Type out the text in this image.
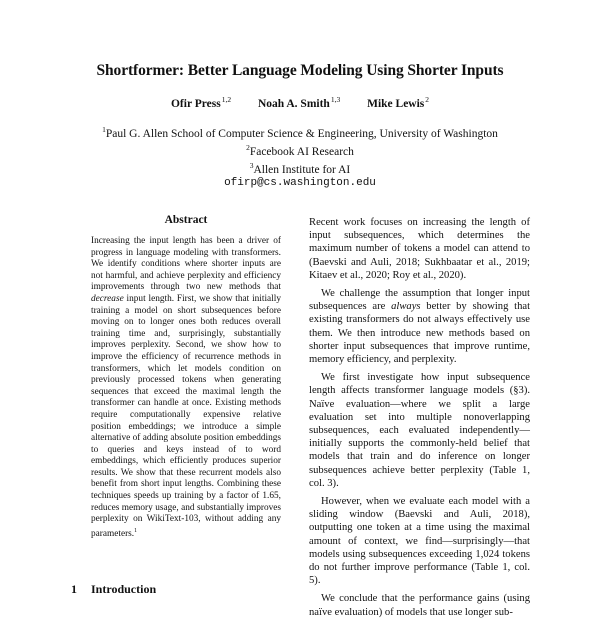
Shortformer: Better Language Modeling Using Shorter Inputs
Ofir Press$^{1,2}$ Noah A. Smith$^{1,3}$ Mike Lewis$^2$
$^1$Paul G. Allen School of Computer Science & Engineering, University of Washington
$^2$Facebook AI Research
$^3$Allen Institute for AI
ofirp@cs.washington.edu
Abstract
Increasing the input length has been a driver of progress in language modeling with transformers. We identify conditions where shorter inputs are not harmful, and achieve perplexity and efficiency improvements through two new methods that decrease input length. First, we show that initially training a model on short subsequences before moving on to longer ones both reduces overall training time and, surprisingly, substantially improves perplexity. Second, we show how to improve the efficiency of recurrence methods in transformers, which let models condition on previously processed tokens when generating sequences that exceed the maximal length the transformer can handle at once. Existing methods require computationally expensive relative position embeddings; we introduce a simple alternative of adding absolute position embeddings to queries and keys instead of to word embeddings, which efficiently produces superior results. We show that these recurrent models also benefit from short input lengths. Combining these techniques speeds up training by a factor of 1.65, reduces memory usage, and substantially improves perplexity on WikiText-103, without adding any parameters.$^1$
1 Introduction

Recent work focuses on increasing the length of input subsequences, which determines the maximum number of tokens a model can attend to (Baevski and Auli, 2018; Sukhbaatar et al., 2019; Kitaev et al., 2020; Roy et al., 2020).

We challenge the assumption that longer input subsequences are always better by showing that existing transformers do not always effectively use them. We then introduce new methods based on shorter input subsequences that improve runtime, memory efficiency, and perplexity.

We first investigate how input subsequence length affects transformer language models (§3). Naïve evaluation—where we split a large evaluation set into multiple nonoverlapping subsequences, each evaluated independently—initially supports the commonly-held belief that models that train and do inference on longer subsequences achieve better perplexity (Table 1, col. 3).

However, when we evaluate each model with a sliding window (Baevski and Auli, 2018), outputting one token at a time using the maximal amount of context, we find—surprisingly—that models using subsequences exceeding 1,024 tokens do not further improve performance (Table 1, col. 5).

We conclude that the performance gains (using naïve evaluation) of models that use longer sub-
